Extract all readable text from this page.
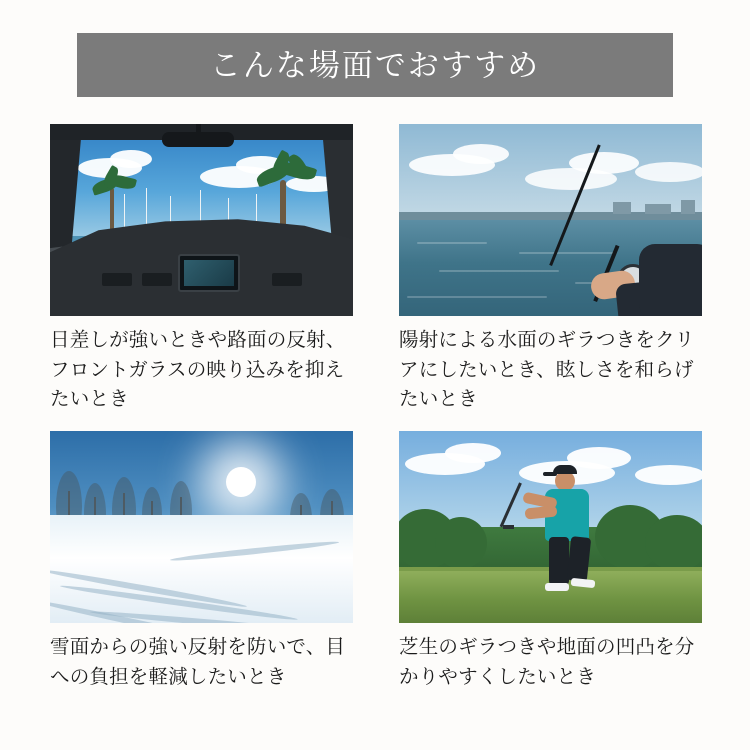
こんな場面でおすすめ
日差しが強いときや路面の反射、フロントガラスの映り込みを抑えたいとき
陽射による水面のギラつきをクリアにしたいとき、眩しさを和らげたいとき
雪面からの強い反射を防いで、目への負担を軽減したいとき
芝生のギラつきや地面の凹凸を分かりやすくしたいとき
